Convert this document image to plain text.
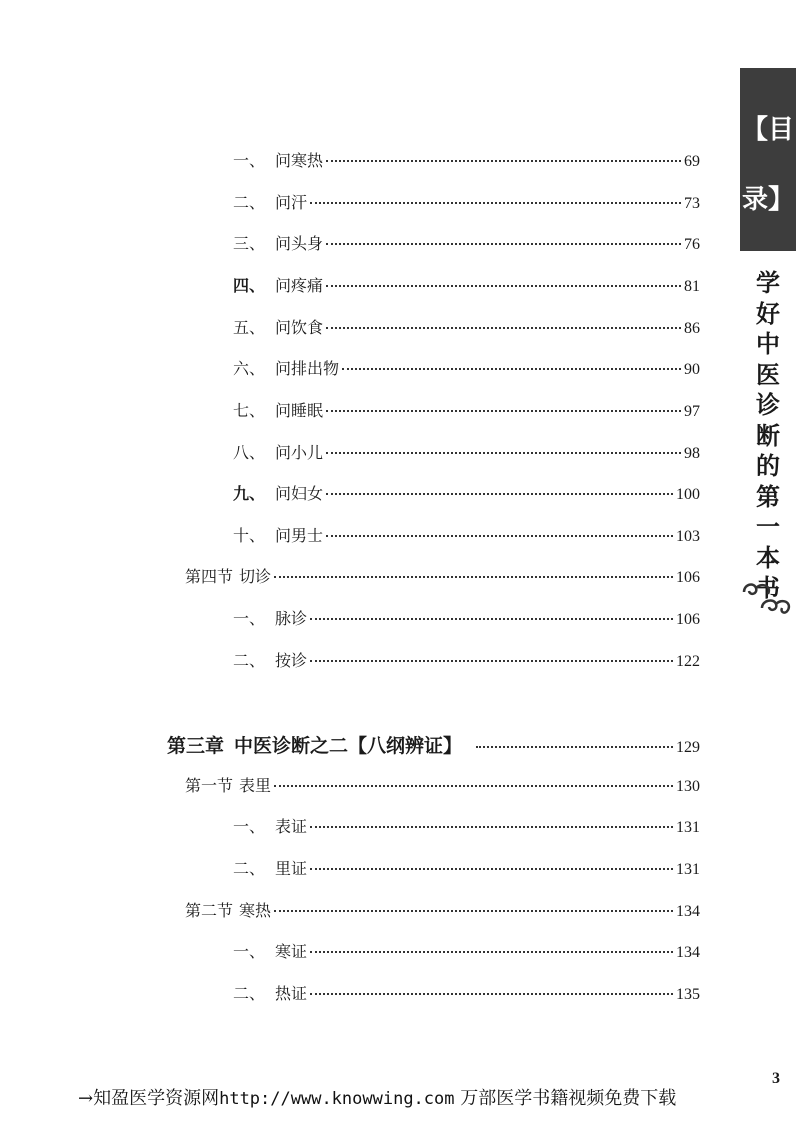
一、 问寒热	69
二、 问汗	73
三、 问头身	76
四、 问疼痛	81
五、 问饮食	86
六、 问排出物	90
七、 问睡眠	97
八、 问小儿	98
九、 问妇女	100
十、 问男士	103
第四节 切诊	106
一、 脉诊	106
二、 按诊	122
第三章 中医诊断之二【八纲辨证】	129
第一节 表里	130
一、 表证	131
二、 里证	131
第二节 寒热	134
一、 寒证	134
二、 热证	135
【目
录】
学
好
中
医
诊
断
的
第
一
本
书
3
→知盈医学资源网http://www.knowwing.com 万部医学书籍视频免费下载
